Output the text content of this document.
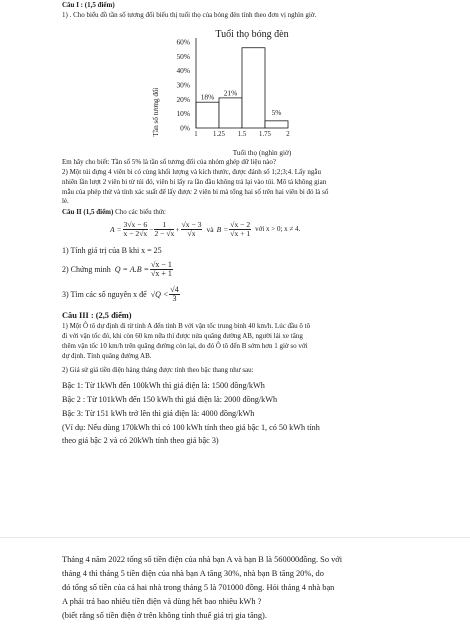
Câu I : (1,5 điểm)
1) . Cho biểu đồ tần số tương đối biểu thị tuổi thọ của bóng đèn tính theo đơn vị nghìn giờ.
Tuổi thọ bóng đèn
Tần số tương đối
Tuổi thọ (nghìn giờ)
60%
50%
40%
30%
20%
10%
0%
18% 21%
5%
1 1.25 1.5 1.75 2
Em hãy cho biết: Tần số 5% là tần số tương đối của nhóm ghép dữ liệu nào?
2) Một túi đựng 4 viên bi có cùng khối lượng và kích thước, được đánh số 1;2;3;4. Lấy ngẫu
nhiên lần lượt 2 viên bi từ túi đó, viên bi lấy ra lần đầu không trả lại vào túi. Mô tả không gian
mẫu của phép thử và tính xác suất để lấy được 2 viên bi mà tổng hai số trên hai viên bi đó là số
lẻ.
Câu II (1,5 điểm) Cho các biểu thức
$A = \frac{3√x - 6}{x - 2√x} - \frac{1}{2 - √x} + \frac{√x - 3}{√x}$ và $B = \frac{√x - 2}{√x + 1}$ với x > 0; x ≠ 4.
1) Tính giá trị của B khi x = 25
2) Chứng minh $Q = A.B = \frac{√x - 1}{√x + 1}$
3) Tìm các số nguyên x để $√Q < \frac{√4}{3}$
Câu III : (2,5 điểm)
1) Một Ô tô dự định đi từ tỉnh A đến tỉnh B với vận tốc trung bình 40 km/h. Lúc đầu ô tô
đi với vận tốc đó, khi còn 60 km nữa thì được nửa quãng đường AB, người lái xe tăng
thêm vận tốc 10 km/h trên quãng đường còn lại, do đó Ô tô đến B sớm hơn 1 giờ so với
dự định. Tính quãng đường AB.
2) Giả sử giá tiền điện hàng tháng được tính theo bậc thang như sau:
Bậc 1: Từ 1kWh đến 100kWh thì giá điện là: 1500 đồng/kWh
Bậc 2 : Từ 101kWh đến 150 kWh thì giá điện là: 2000 đồng/kWh
Bậc 3: Từ 151 kWh trở lên thì giá điện là: 4000 đồng/kWh
(Ví dụ: Nếu dùng 170kWh thì có 100 kWh tính theo giá bậc 1, có 50 kWh tính
theo giá bậc 2 và có 20kWh tính theo giá bậc 3)
Tháng 4 năm 2022 tổng số tiền điện của nhà bạn A và bạn B là 560000đồng. So với
tháng 4 thì tháng 5 tiền điện của nhà bạn A tăng 30%, nhà bạn B tăng 20%, do
đó tổng số tiền của cả hai nhà trong tháng 5 là 701000 đồng. Hỏi tháng 4 nhà bạn
A phải trả bao nhiêu tiền điện và dùng hết bao nhiêu kWh ?
(biết rằng số tiền điện ở trên không tính thuế giá trị gia tăng).
